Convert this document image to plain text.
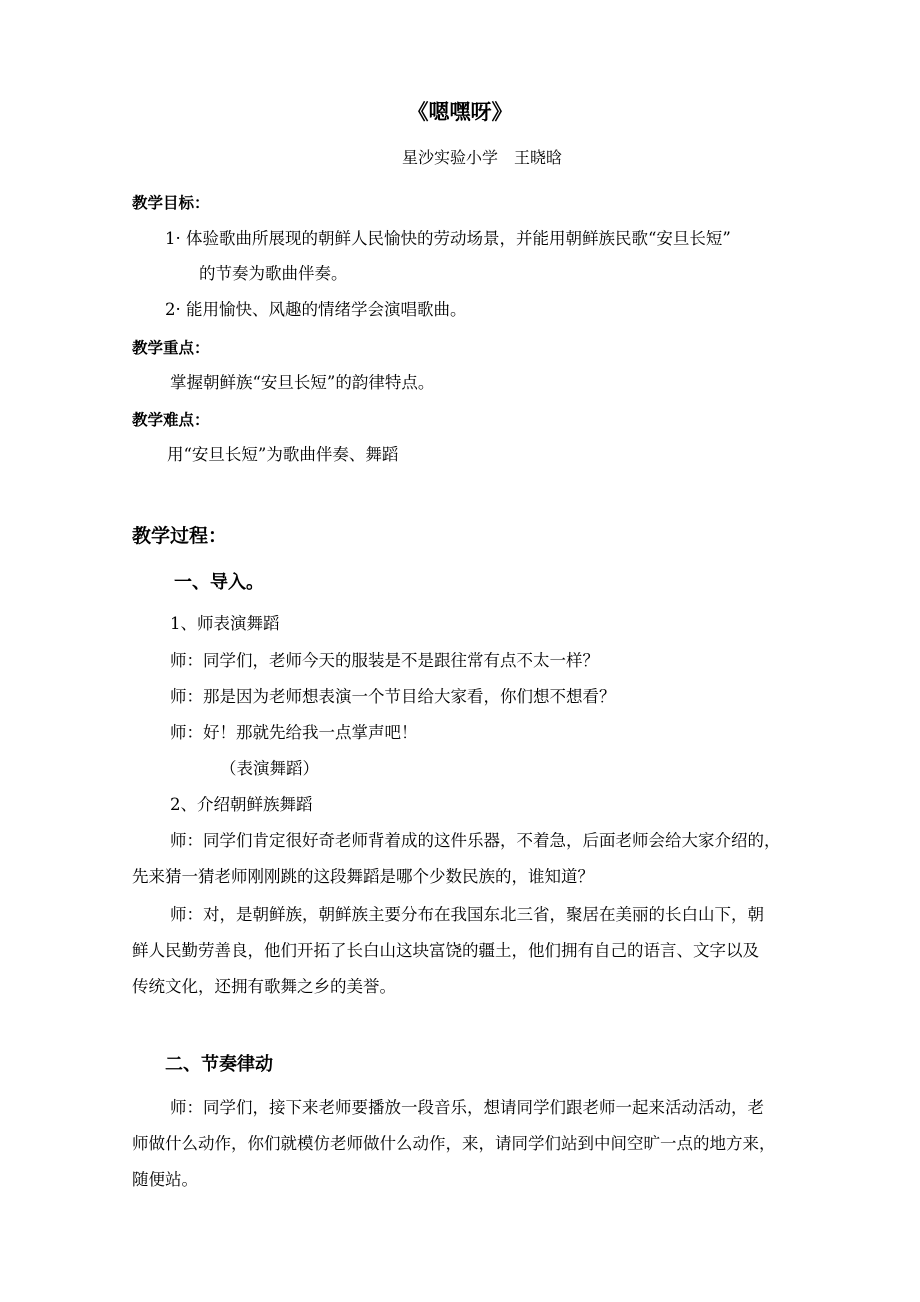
《嗯嘿呀》
星沙实验小学　王晓晗
教学目标：
1· 体验歌曲所展现的朝鲜人民愉快的劳动场景，并能用朝鲜族民歌“安旦长短”
的节奏为歌曲伴奏。
2· 能用愉快、风趣的情绪学会演唱歌曲。
教学重点：
掌握朝鲜族“安旦长短”的韵律特点。
教学难点：
用“安旦长短”为歌曲伴奏、舞蹈
教学过程：
一、导入。
1、师表演舞蹈
师：同学们，老师今天的服装是不是跟往常有点不太一样？
师：那是因为老师想表演一个节目给大家看，你们想不想看？
师：好！那就先给我一点掌声吧！
（表演舞蹈）
2、介绍朝鲜族舞蹈
师：同学们肯定很好奇老师背着成的这件乐器，不着急，后面老师会给大家介绍的，
先来猜一猜老师刚刚跳的这段舞蹈是哪个少数民族的，谁知道？
师：对，是朝鲜族，朝鲜族主要分布在我国东北三省，聚居在美丽的长白山下，朝
鲜人民勤劳善良，他们开拓了长白山这块富饶的疆土，他们拥有自己的语言、文字以及
传统文化，还拥有歌舞之乡的美誉。
二、节奏律动
师：同学们，接下来老师要播放一段音乐，想请同学们跟老师一起来活动活动，老
师做什么动作，你们就模仿老师做什么动作，来，请同学们站到中间空旷一点的地方来，
随便站。
